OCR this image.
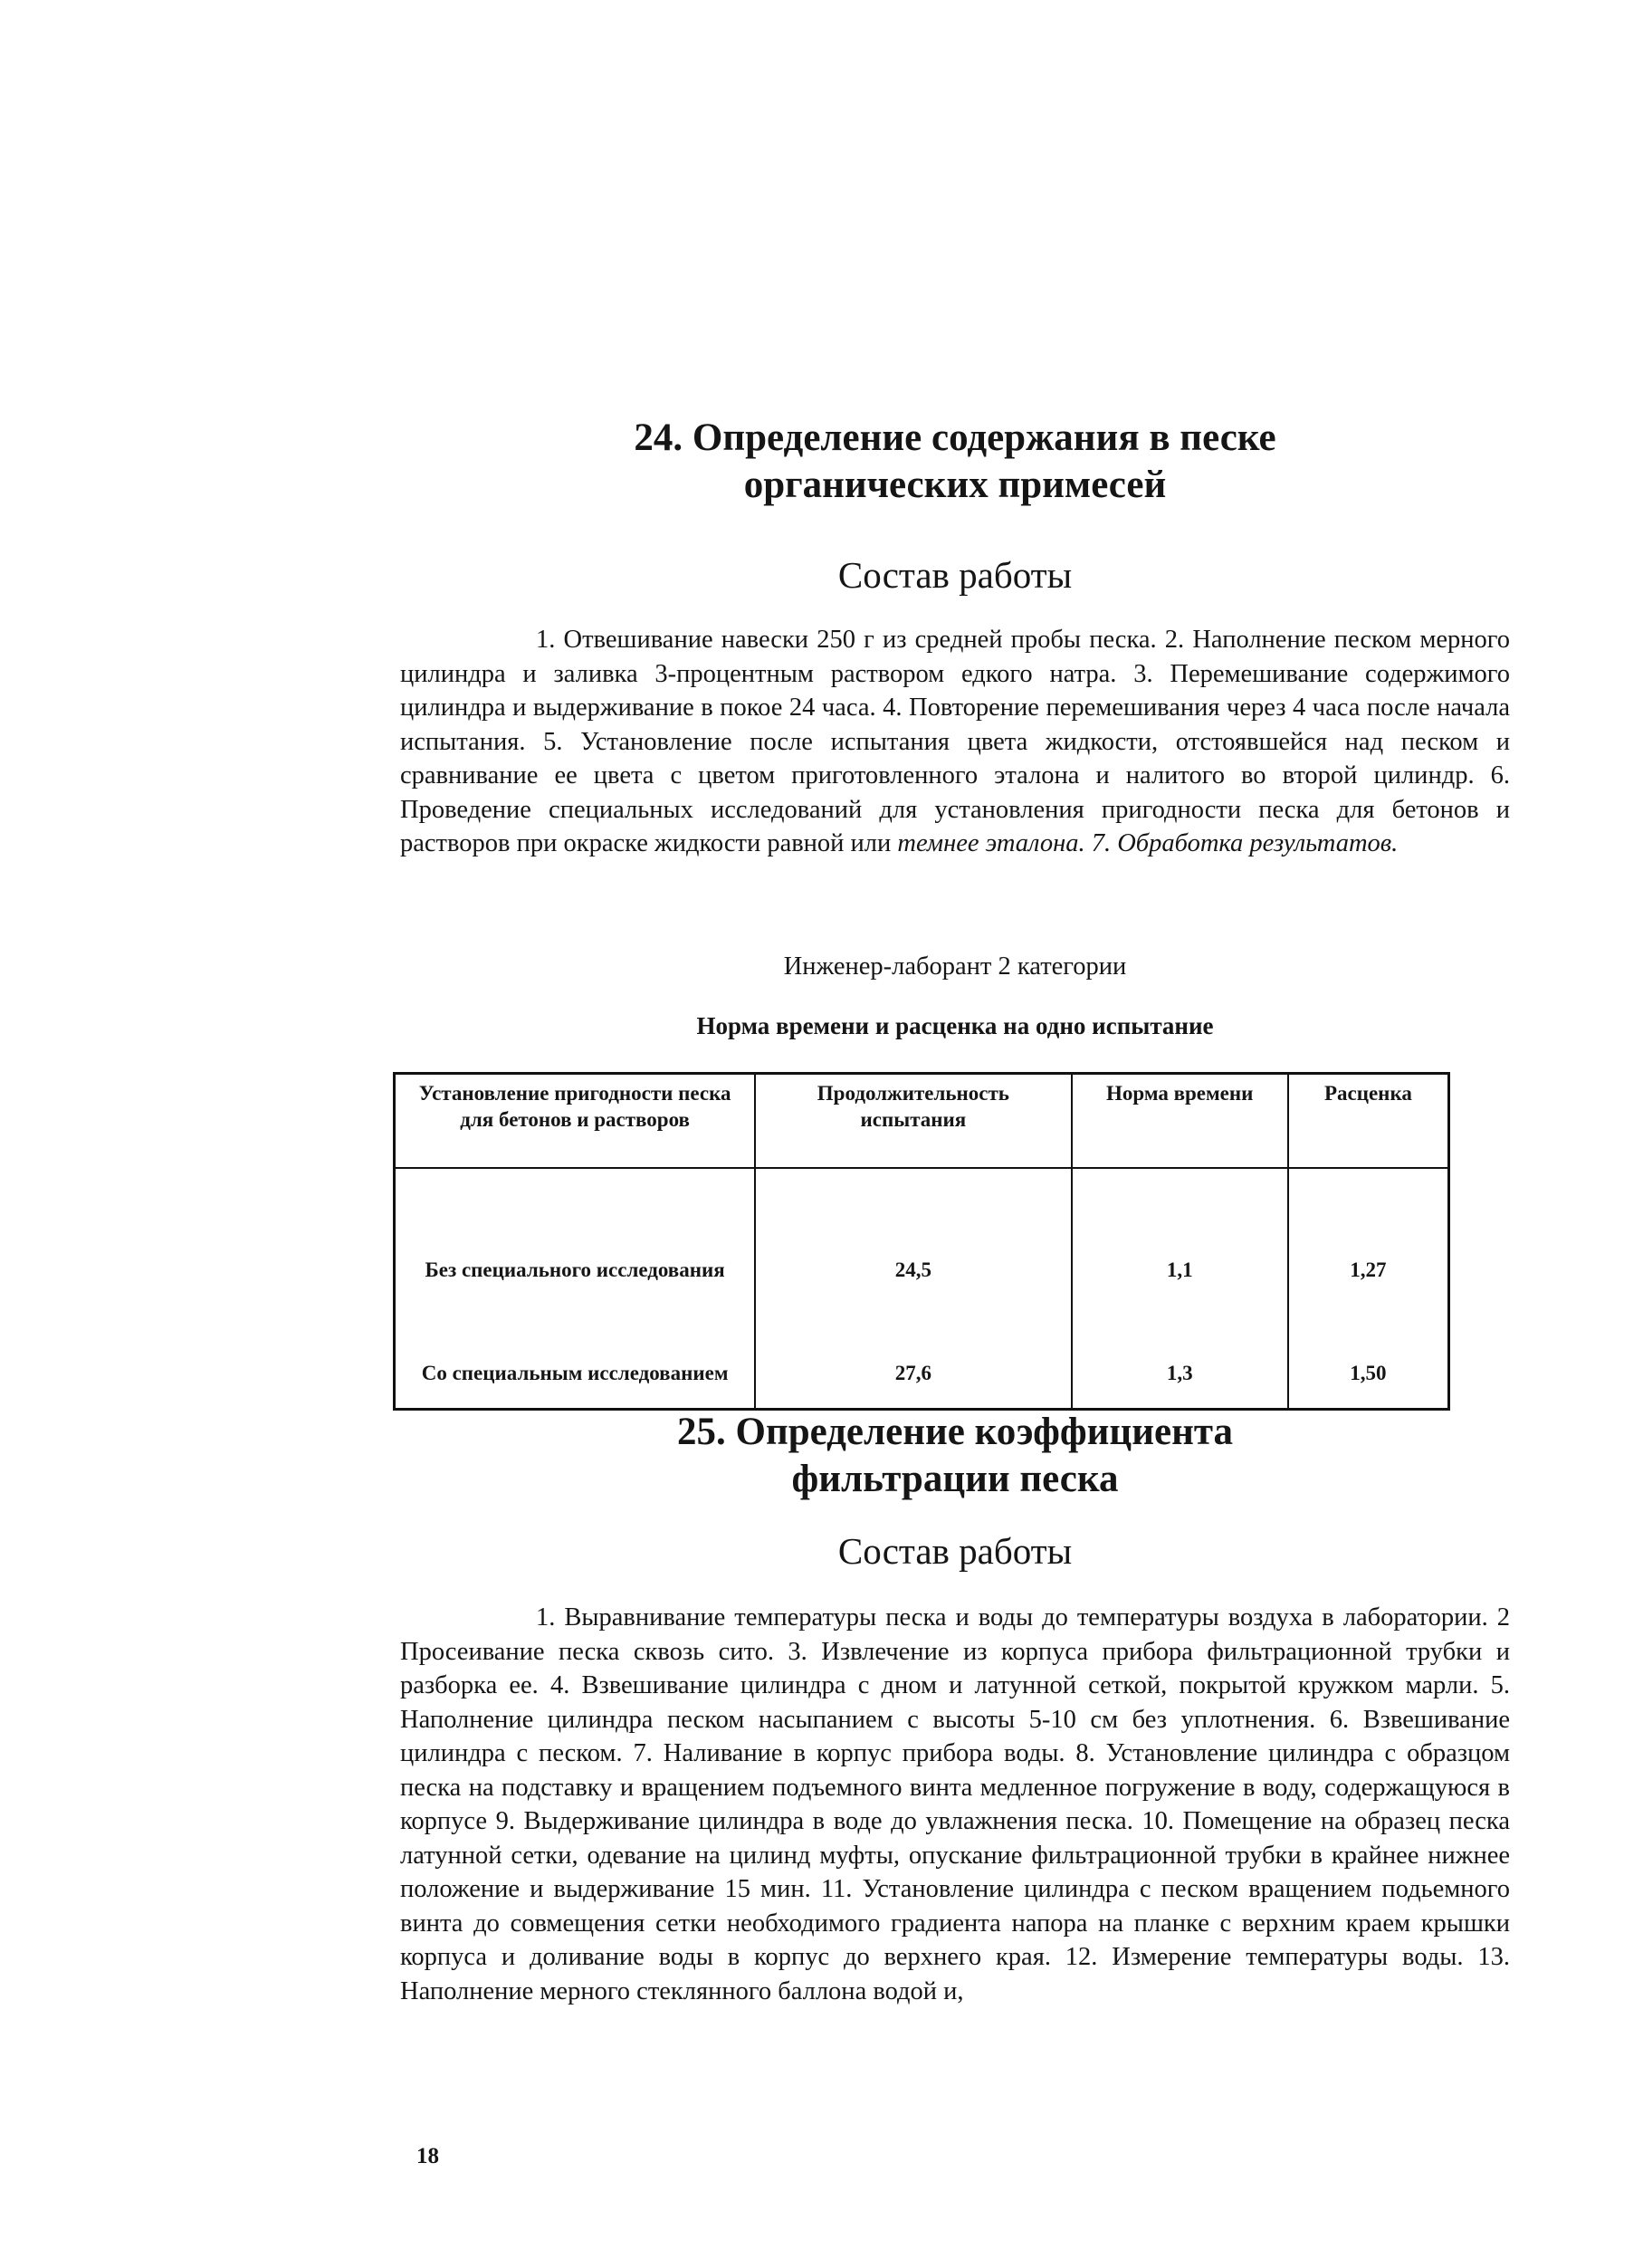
24. Определение содержания в песке
органических примесей
Состав работы

1. Отвешивание навески 250 г из средней пробы песка. 2. Наполнение песком мерного цилиндра и заливка 3-процентным раствором едкого натра. 3. Перемешивание содержимого цилиндра и выдерживание в покое 24 часа. 4. Повторение перемешивания через 4 часа после начала испытания. 5. Установление после испытания цвета жидкости, отстоявшейся над песком и сравнивание ее цвета с цветом приготовленного эталона и налитого во второй цилиндр. 6. Проведение специальных исследований для установления пригодности песка для бетонов и растворов при окраске жидкости равной или темнее эталона. 7. Обработка результатов.

Инженер-лаборант 2 категории
Норма времени и расценка на одно испытание
Установление пригодности песка для бетонов и растворов	Продолжительность испытания	Норма времени	Расценка
Без специального исследования	24,5	1,1	1,27
Со специальным исследованием	27,6	1,3	1,50
25. Определение коэффициента
фильтрации песка
Состав работы

1. Выравнивание температуры песка и воды до температуры воздуха в лаборатории. 2 Просеивание песка сквозь сито. 3. Извлечение из корпуса прибора фильтрационной трубки и разборка ее. 4. Взвешивание цилиндра с дном и латунной сеткой, покрытой кружком марли. 5. Наполнение цилиндра песком насыпанием с высоты 5-10 см без уплотнения. 6. Взвешивание цилиндра с песком. 7. Наливание в корпус прибора воды. 8. Установление цилиндра с образцом песка на подставку и вращением подъемного винта медленное погружение в воду, содержащуюся в корпусе 9. Выдерживание цилиндра в воде до увлажнения песка. 10. Помещение на образец песка латунной сетки, одевание на цилинд муфты, опускание фильтрационной трубки в крайнее нижнее положение и выдерживание 15 мин. 11. Установление цилиндра с песком вращением подьемного винта до совмещения сетки необходимого градиента напора на планке с верхним краем крышки корпуса и доливание воды в корпус до верхнего края. 12. Измерение температуры воды. 13. Наполнение мерного стеклянного баллона водой и,

18
